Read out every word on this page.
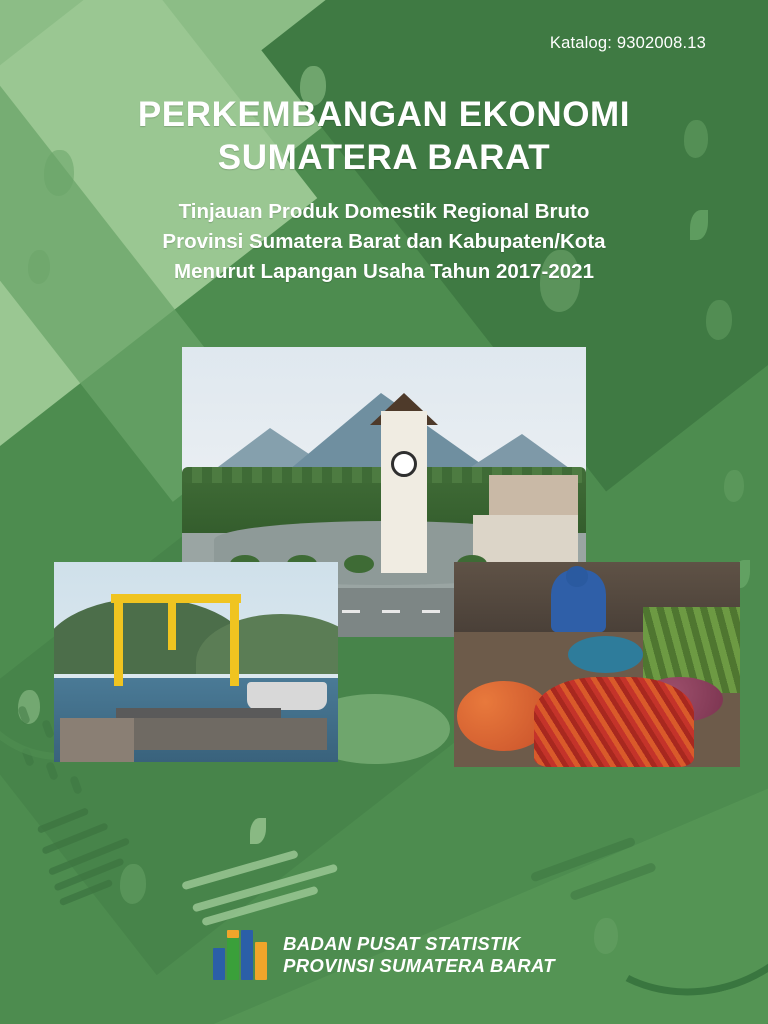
Katalog: 9302008.13
PERKEMBANGAN EKONOMI
SUMATERA BARAT
Tinjauan Produk Domestik Regional Bruto
Provinsi Sumatera Barat dan Kabupaten/Kota
Menurut Lapangan Usaha Tahun 2017-2021
BADAN PUSAT STATISTIK
PROVINSI SUMATERA BARAT
